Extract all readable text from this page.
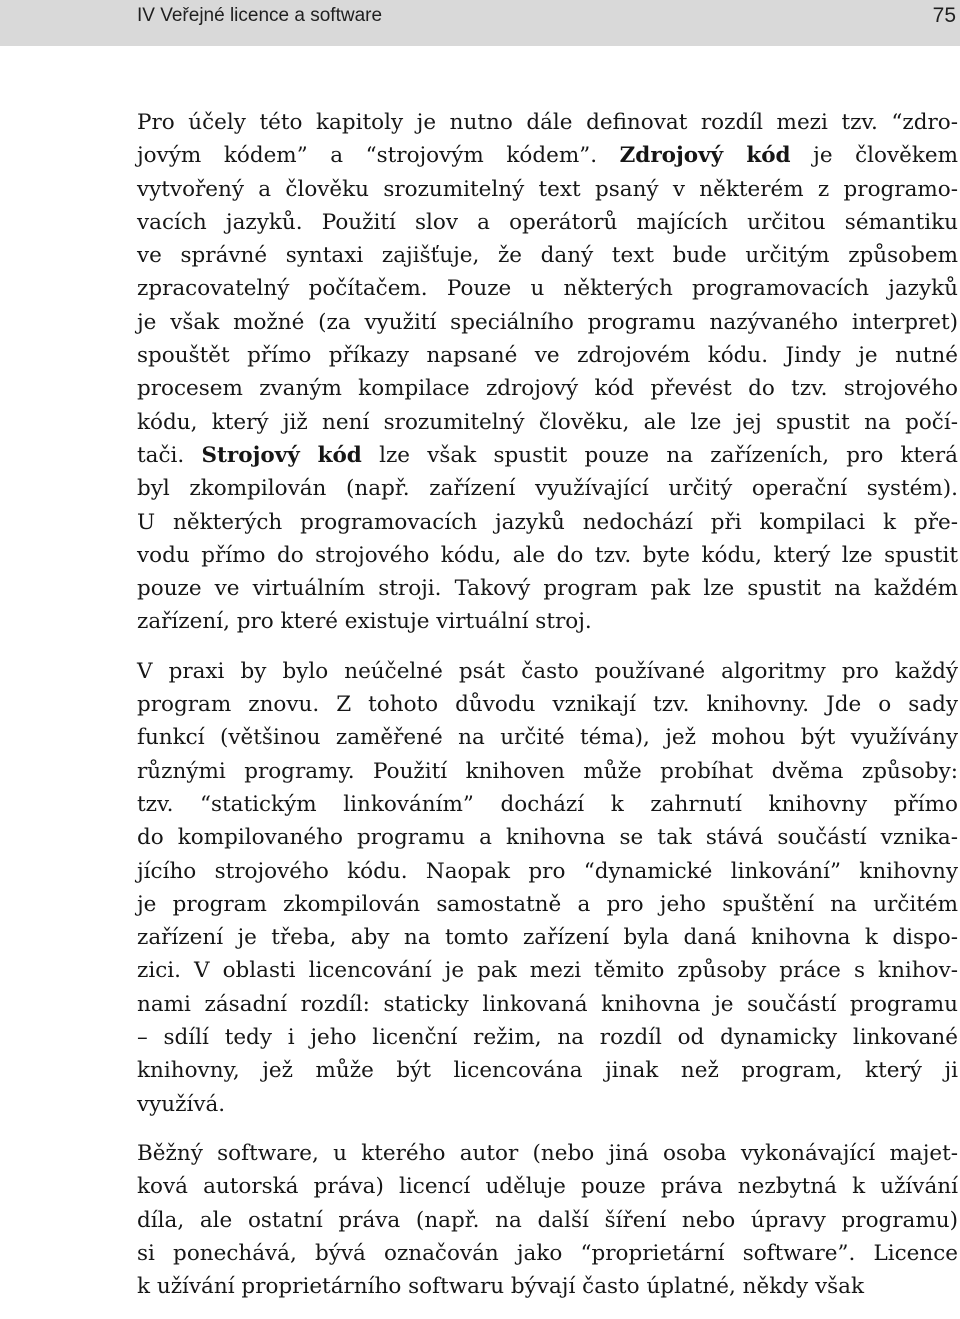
IV Veřejné licence a software	75

Pro účely této kapitoly je nutno dále definovat rozdíl mezi tzv. “zdro-
jovým kódem” a “strojovým kódem”. Zdrojový kód je člověkem
vytvořený a člověku srozumitelný text psaný v některém z programo-
vacích jazyků. Použití slov a operátorů majících určitou sémantiku
ve správné syntaxi zajišťuje, že daný text bude určitým způsobem
zpracovatelný počítačem. Pouze u některých programovacích jazyků
je však možné (za využití speciálního programu nazývaného interpret)
spouštět přímo příkazy napsané ve zdrojovém kódu. Jindy je nutné
procesem zvaným kompilace zdrojový kód převést do tzv. strojového
kódu, který již není srozumitelný člověku, ale lze jej spustit na počí-
tači. Strojový kód lze však spustit pouze na zařízeních, pro která
byl zkompilován (např. zařízení využívající určitý operační systém).
U některých programovacích jazyků nedochází při kompilaci k pře-
vodu přímo do strojového kódu, ale do tzv. byte kódu, který lze spustit
pouze ve virtuálním stroji. Takový program pak lze spustit na každém
zařízení, pro které existuje virtuální stroj.

V praxi by bylo neúčelné psát často používané algoritmy pro každý
program znovu. Z tohoto důvodu vznikají tzv. knihovny. Jde o sady
funkcí (většinou zaměřené na určité téma), jež mohou být využívány
různými programy. Použití knihoven může probíhat dvěma způsoby:
tzv. “statickým linkováním” dochází k zahrnutí knihovny přímo
do kompilovaného programu a knihovna se tak stává součástí vznika-
jícího strojového kódu. Naopak pro “dynamické linkování” knihovny
je program zkompilován samostatně a pro jeho spuštění na určitém
zařízení je třeba, aby na tomto zařízení byla daná knihovna k dispo-
zici. V oblasti licencování je pak mezi těmito způsoby práce s knihov-
nami zásadní rozdíl: staticky linkovaná knihovna je součástí programu
– sdílí tedy i jeho licenční režim, na rozdíl od dynamicky linkované
knihovny, jež může být licencována jinak než program, který ji
využívá.

Běžný software, u kterého autor (nebo jiná osoba vykonávající majet-
ková autorská práva) licencí uděluje pouze práva nezbytná k užívání
díla, ale ostatní práva (např. na další šíření nebo úpravy programu)
si ponechává, bývá označován jako “proprietární software”. Licence
k užívání proprietárního softwaru bývají často úplatné, někdy však
